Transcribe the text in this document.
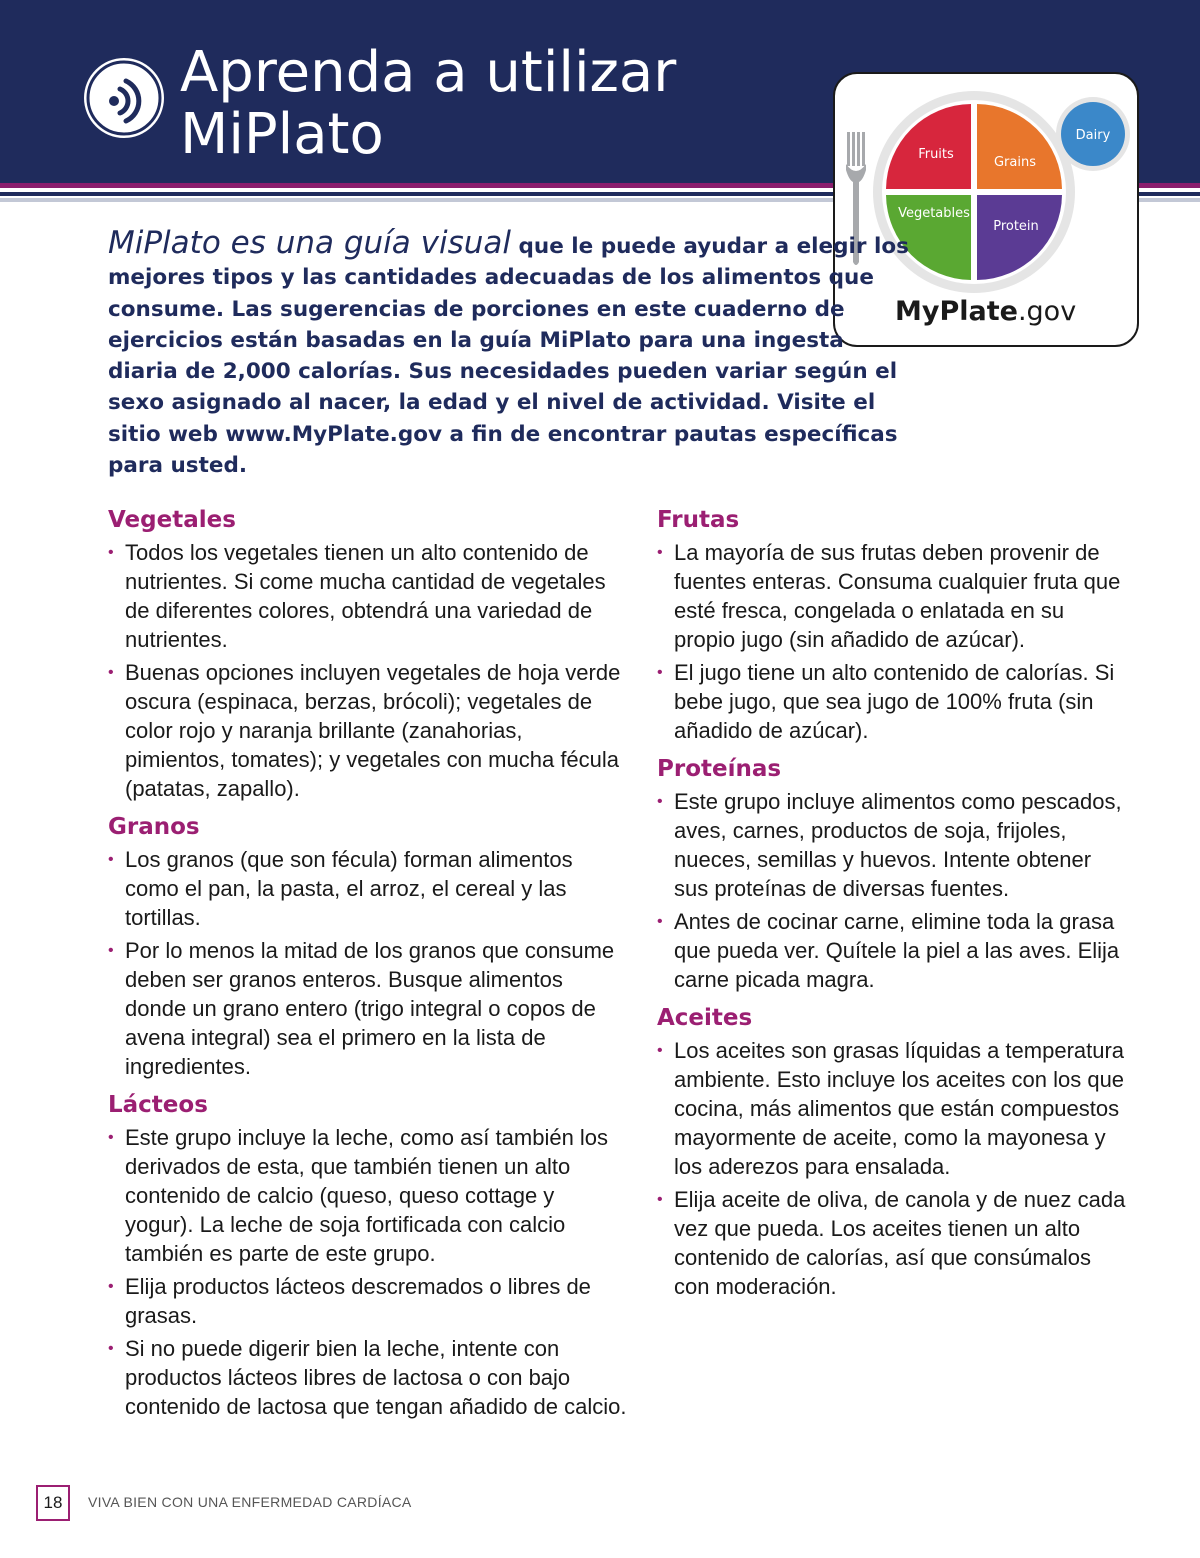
Aprenda a utilizar
MiPlato	Fruits
Grains
Vegetables
Protein
Dairy
MyPlate.gov

MiPlato es una guía visual que le puede ayudar a elegir los mejores tipos y las cantidades adecuadas de los alimentos que consume. Las sugerencias de porciones en este cuaderno de ejercicios están basadas en la guía MiPlato para una ingesta diaria de 2,000 calorías. Sus necesidades pueden variar según el sexo asignado al nacer, la edad y el nivel de actividad. Visite el sitio web www.MyPlate.gov a fin de encontrar pautas específicas para usted.

Vegetales
• Todos los vegetales tienen un alto contenido de nutrientes. Si come mucha cantidad de vegetales de diferentes colores, obtendrá una variedad de nutrientes.
• Buenas opciones incluyen vegetales de hoja verde oscura (espinaca, berzas, brócoli); vegetales de color rojo y naranja brillante (zanahorias, pimientos, tomates); y vegetales con mucha fécula (patatas, zapallo).
Granos
• Los granos (que son fécula) forman alimentos como el pan, la pasta, el arroz, el cereal y las tortillas.
• Por lo menos la mitad de los granos que consume deben ser granos enteros. Busque alimentos donde un grano entero (trigo integral o copos de avena integral) sea el primero en la lista de ingredientes.
Lácteos
• Este grupo incluye la leche, como así también los derivados de esta, que también tienen un alto contenido de calcio (queso, queso cottage y yogur). La leche de soja fortificada con calcio también es parte de este grupo.
• Elija productos lácteos descremados o libres de grasas.
• Si no puede digerir bien la leche, intente con productos lácteos libres de lactosa o con bajo contenido de lactosa que tengan añadido de calcio.
Frutas
• La mayoría de sus frutas deben provenir de fuentes enteras. Consuma cualquier fruta que esté fresca, congelada o enlatada en su propio jugo (sin añadido de azúcar).
• El jugo tiene un alto contenido de calorías. Si bebe jugo, que sea jugo de 100% fruta (sin añadido de azúcar).
Proteínas
• Este grupo incluye alimentos como pescados, aves, carnes, productos de soja, frijoles, nueces, semillas y huevos. Intente obtener sus proteínas de diversas fuentes.
• Antes de cocinar carne, elimine toda la grasa que pueda ver. Quítele la piel a las aves. Elija carne picada magra.
Aceites
• Los aceites son grasas líquidas a temperatura ambiente. Esto incluye los aceites con los que cocina, más alimentos que están compuestos mayormente de aceite, como la mayonesa y los aderezos para ensalada.
• Elija aceite de oliva, de canola y de nuez cada vez que pueda. Los aceites tienen un alto contenido de calorías, así que consúmalos con moderación.
18	VIVA BIEN CON UNA ENFERMEDAD CARDÍACA
